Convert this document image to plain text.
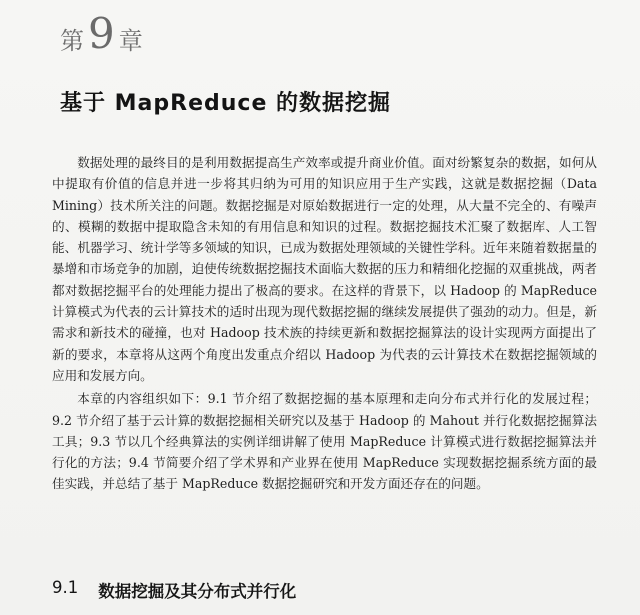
第 9 章
基于 MapReduce 的数据挖掘

数据处理的最终目的是利用数据提高生产效率或提升商业价值。面对纷繁复杂的数据，如何从中提取有价值的信息并进一步将其归纳为可用的知识应用于生产实践，这就是数据挖掘（Data Mining）技术所关注的问题。数据挖掘是对原始数据进行一定的处理，从大量不完全的、有噪声的、模糊的数据中提取隐含未知的有用信息和知识的过程。数据挖掘技术汇聚了数据库、人工智能、机器学习、统计学等多领域的知识，已成为数据处理领域的关键性学科。近年来随着数据量的暴增和市场竞争的加剧，迫使传统数据挖掘技术面临大数据的压力和精细化挖掘的双重挑战，两者都对数据挖掘平台的处理能力提出了极高的要求。在这样的背景下，以 Hadoop 的 MapReduce 计算模式为代表的云计算技术的适时出现为现代数据挖掘的继续发展提供了强劲的动力。但是，新需求和新技术的碰撞，也对 Hadoop 技术族的持续更新和数据挖掘算法的设计实现两方面提出了新的要求，本章将从这两个角度出发重点介绍以 Hadoop 为代表的云计算技术在数据挖掘领域的应用和发展方向。

本章的内容组织如下：9.1 节介绍了数据挖掘的基本原理和走向分布式并行化的发展过程；9.2 节介绍了基于云计算的数据挖掘相关研究以及基于 Hadoop 的 Mahout 并行化数据挖掘算法工具；9.3 节以几个经典算法的实例详细讲解了使用 MapReduce 计算模式进行数据挖掘算法并行化的方法；9.4 节简要介绍了学术界和产业界在使用 MapReduce 实现数据挖掘系统方面的最佳实践，并总结了基于 MapReduce 数据挖掘研究和开发方面还存在的问题。

9.1 数据挖掘及其分布式并行化
